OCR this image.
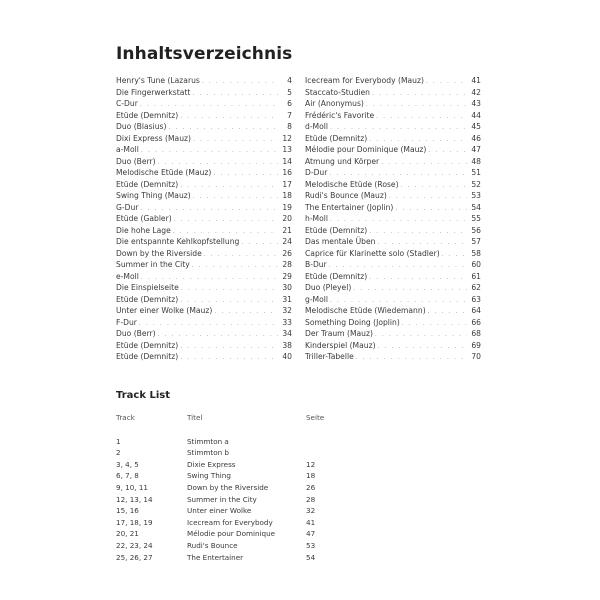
Inhaltsverzeichnis
Henry's Tune (Lazarus . . .	4
Die Fingerwerkstatt . . .	5
C-Dur . . .	6
Etüde (Demnitz) . . .	7
Duo (Blasius) . . .	8
Dixi Express (Mauz) . . .	12
a-Moll . . .	13
Duo (Berr) . . .	14
Melodische Etüde (Mauz) . . .	16
Etüde (Demnitz) . . .	17
Swing Thing (Mauz) . . .	18
G-Dur . . .	19
Etüde (Gabler) . . .	20
Die hohe Lage . . .	21
Die entspannte Kehlkopfstellung . . .	24
Down by the Riverside . . .	26
Summer in the City . . .	28
e-Moll . . .	29
Die Einspielseite . . .	30
Etüde (Demnitz) . . .	31
Unter einer Wolke (Mauz) . . .	32
F-Dur . . .	33
Duo (Berr) . . .	34
Etüde (Demnitz) . . .	38
Etüde (Demnitz) . . .	40
Icecream for Everybody (Mauz) . . .	41
Staccato-Studien . . .	42
Air (Anonymus) . . .	43
Frédéric's Favorite . . .	44
d-Moll . . .	45
Etüde (Demnitz) . . .	46
Mélodie pour Dominique (Mauz) . . .	47
Atmung und Körper . . .	48
D-Dur . . .	51
Melodische Etüde (Rose) . . .	52
Rudi's Bounce (Mauz) . . .	53
The Entertainer (Joplin) . . .	54
h-Moll . . .	55
Etüde (Demnitz) . . .	56
Das mentale Üben . . .	57
Caprice für Klarinette solo (Stadler) . . .	58
B-Dur . . .	60
Etüde (Demnitz) . . .	61
Duo (Pleyel) . . .	62
g-Moll . . .	63
Melodische Etüde (Wiedemann) . . .	64
Something Doing (Joplin) . . .	66
Der Traum (Mauz) . . .	68
Kinderspiel (Mauz) . . .	69
Triller-Tabelle . . .	70
Track List
Track	Titel	Seite
1	Stimmton a
2	Stimmton b
3, 4, 5	Dixie Express	12
6, 7, 8	Swing Thing	18
9, 10, 11	Down by the Riverside	26
12, 13, 14	Summer in the City	28
15, 16	Unter einer Wolke	32
17, 18, 19	Icecream for Everybody	41
20, 21	Mélodie pour Dominique	47
22, 23, 24	Rudi's Bounce	53
25, 26, 27	The Entertainer	54
